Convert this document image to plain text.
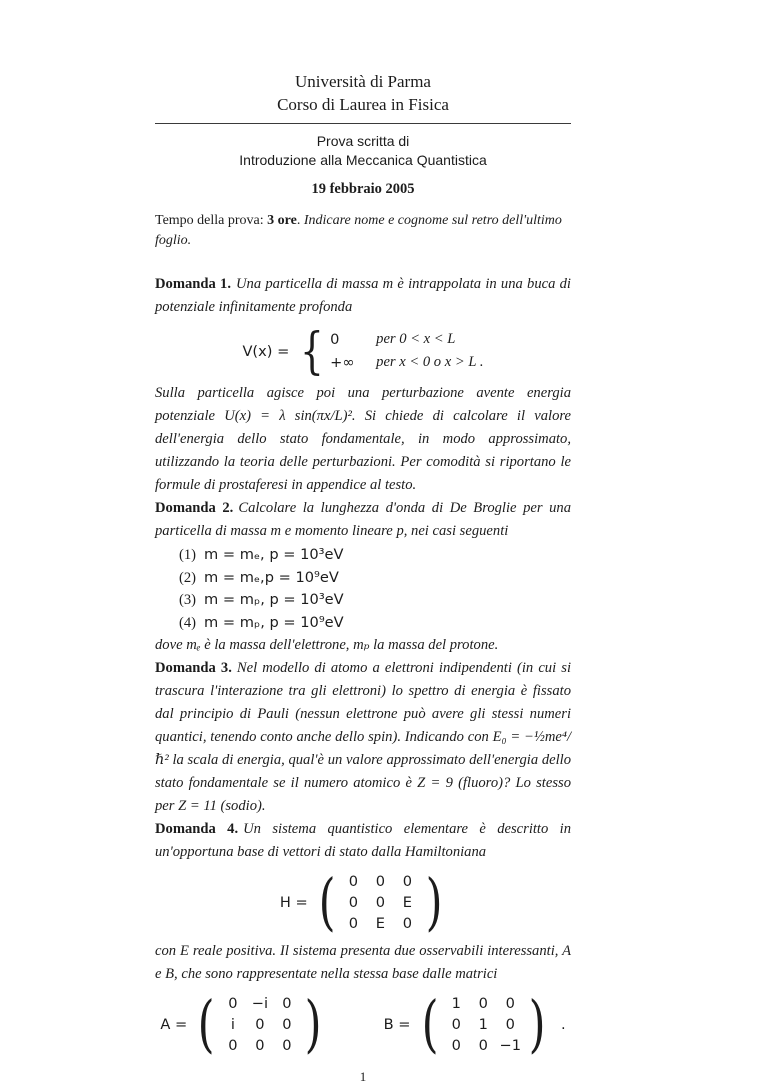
Università di Parma
Corso di Laurea in Fisica
Prova scritta di
Introduzione alla Meccanica Quantistica
19 febbraio 2005
Tempo della prova: 3 ore. Indicare nome e cognome sul retro dell'ultimo foglio.

Domanda 1. Una particella di massa m è intrappolata in una buca di potenziale infinitamente profonda

V(x) = { 0	per 0 < x < L
+∞	per x < 0 o x > L .

Sulla particella agisce poi una perturbazione avente energia potenziale U(x) = λ sin(πx/L)². Si chiede di calcolare il valore dell'energia dello stato fondamentale, in modo approssimato, utilizzando la teoria delle perturbazioni. Per comodità si riportano le formule di prostaferesi in appendice al testo.

Domanda 2. Calcolare la lunghezza d'onda di De Broglie per una particella di massa m e momento lineare p, nei casi seguenti

(1) m = mₑ, p = 10³eV
(2) m = mₑ,p = 10⁹eV
(3) m = mₚ, p = 10³eV
(4) m = mₚ, p = 10⁹eV

dove mₑ è la massa dell'elettrone, mₚ la massa del protone.

Domanda 3. Nel modello di atomo a elettroni indipendenti (in cui si trascura l'interazione tra gli elettroni) lo spettro di energia è fissato dal principio di Pauli (nessun elettrone può avere gli stessi numeri quantici, tenendo conto anche dello spin). Indicando con E₀ = −½me⁴/ℏ² la scala di energia, qual'è un valore approssimato dell'energia dello stato fondamentale se il numero atomico è Z = 9 (fluoro)? Lo stesso per Z = 11 (sodio).

Domanda 4. Un sistema quantistico elementare è descritto in un'opportuna base di vettori di stato dalla Hamiltoniana

H = ( 0	0	0
0	0	E
0	E	0 )

con E reale positiva. Il sistema presenta due osservabili interessanti, A e B, che sono rappresentate nella stessa base dalle matrici

A = ( 0 −i 0
i	0	0
0	0	0 )	B = ( 1	0	0
0	1	0
0	0 −1 ) .
1
